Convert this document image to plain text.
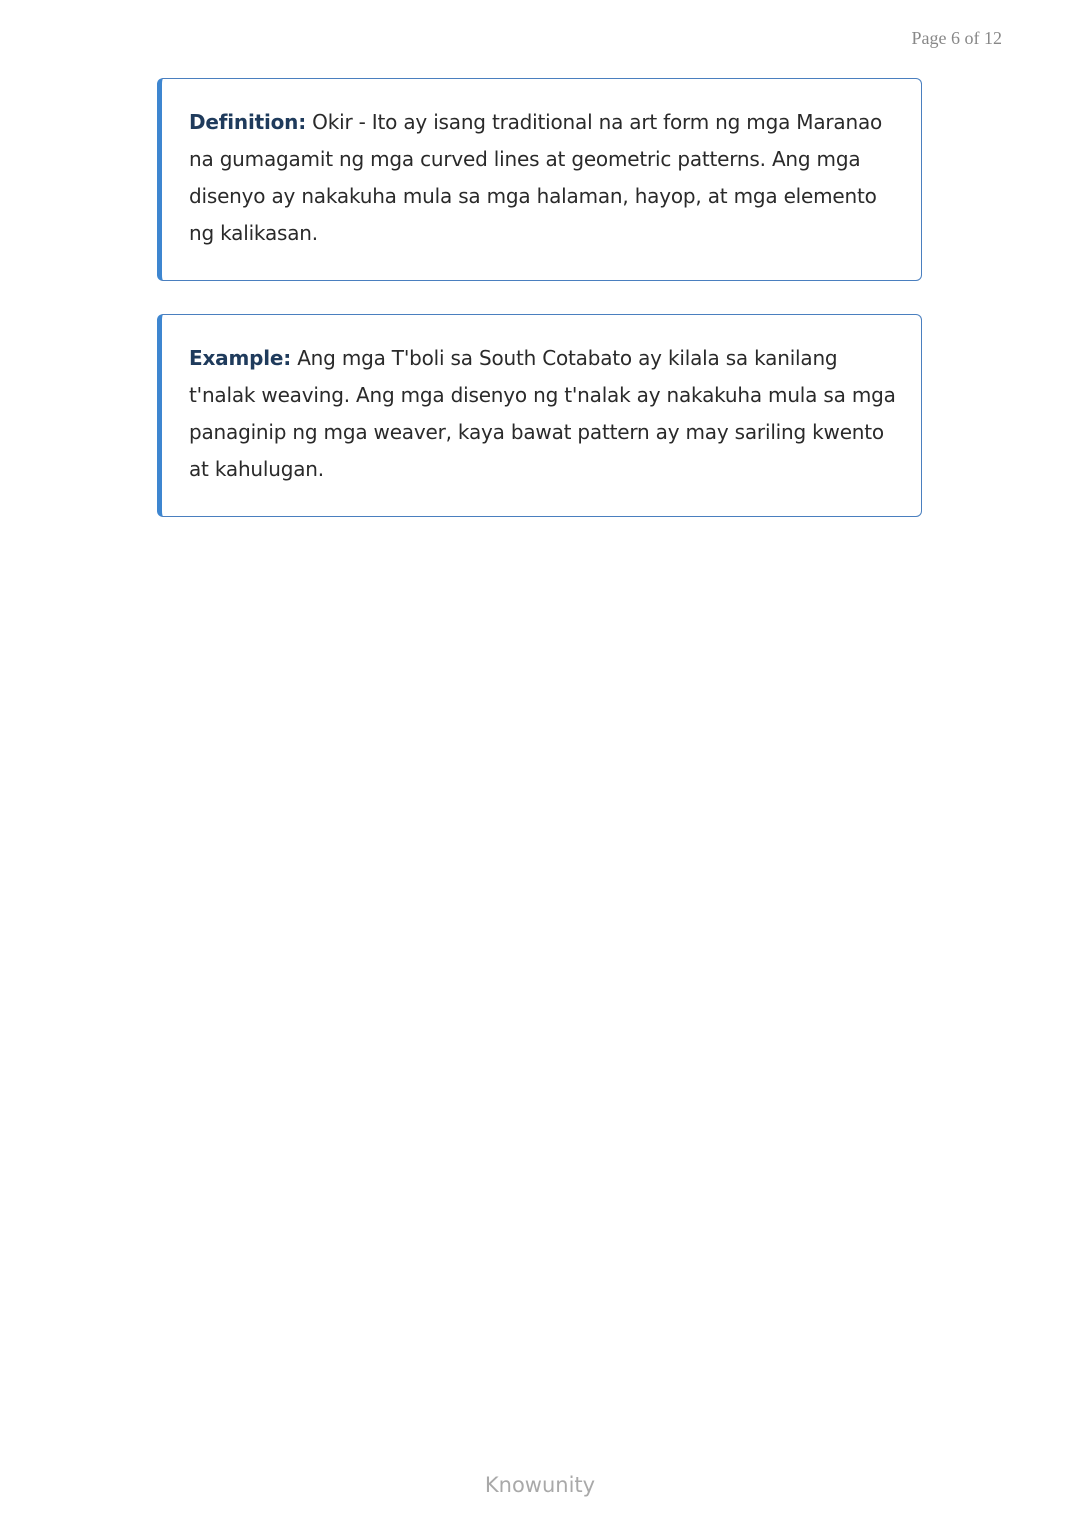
Page 6 of 12

Definition: Okir - Ito ay isang traditional na art form ng mga Maranao na gumagamit ng mga curved lines at geometric patterns. Ang mga disenyo ay nakakuha mula sa mga halaman, hayop, at mga elemento ng kalikasan.

Example: Ang mga T'boli sa South Cotabato ay kilala sa kanilang t'nalak weaving. Ang mga disenyo ng t'nalak ay nakakuha mula sa mga panaginip ng mga weaver, kaya bawat pattern ay may sariling kwento at kahulugan.

Knowunity
